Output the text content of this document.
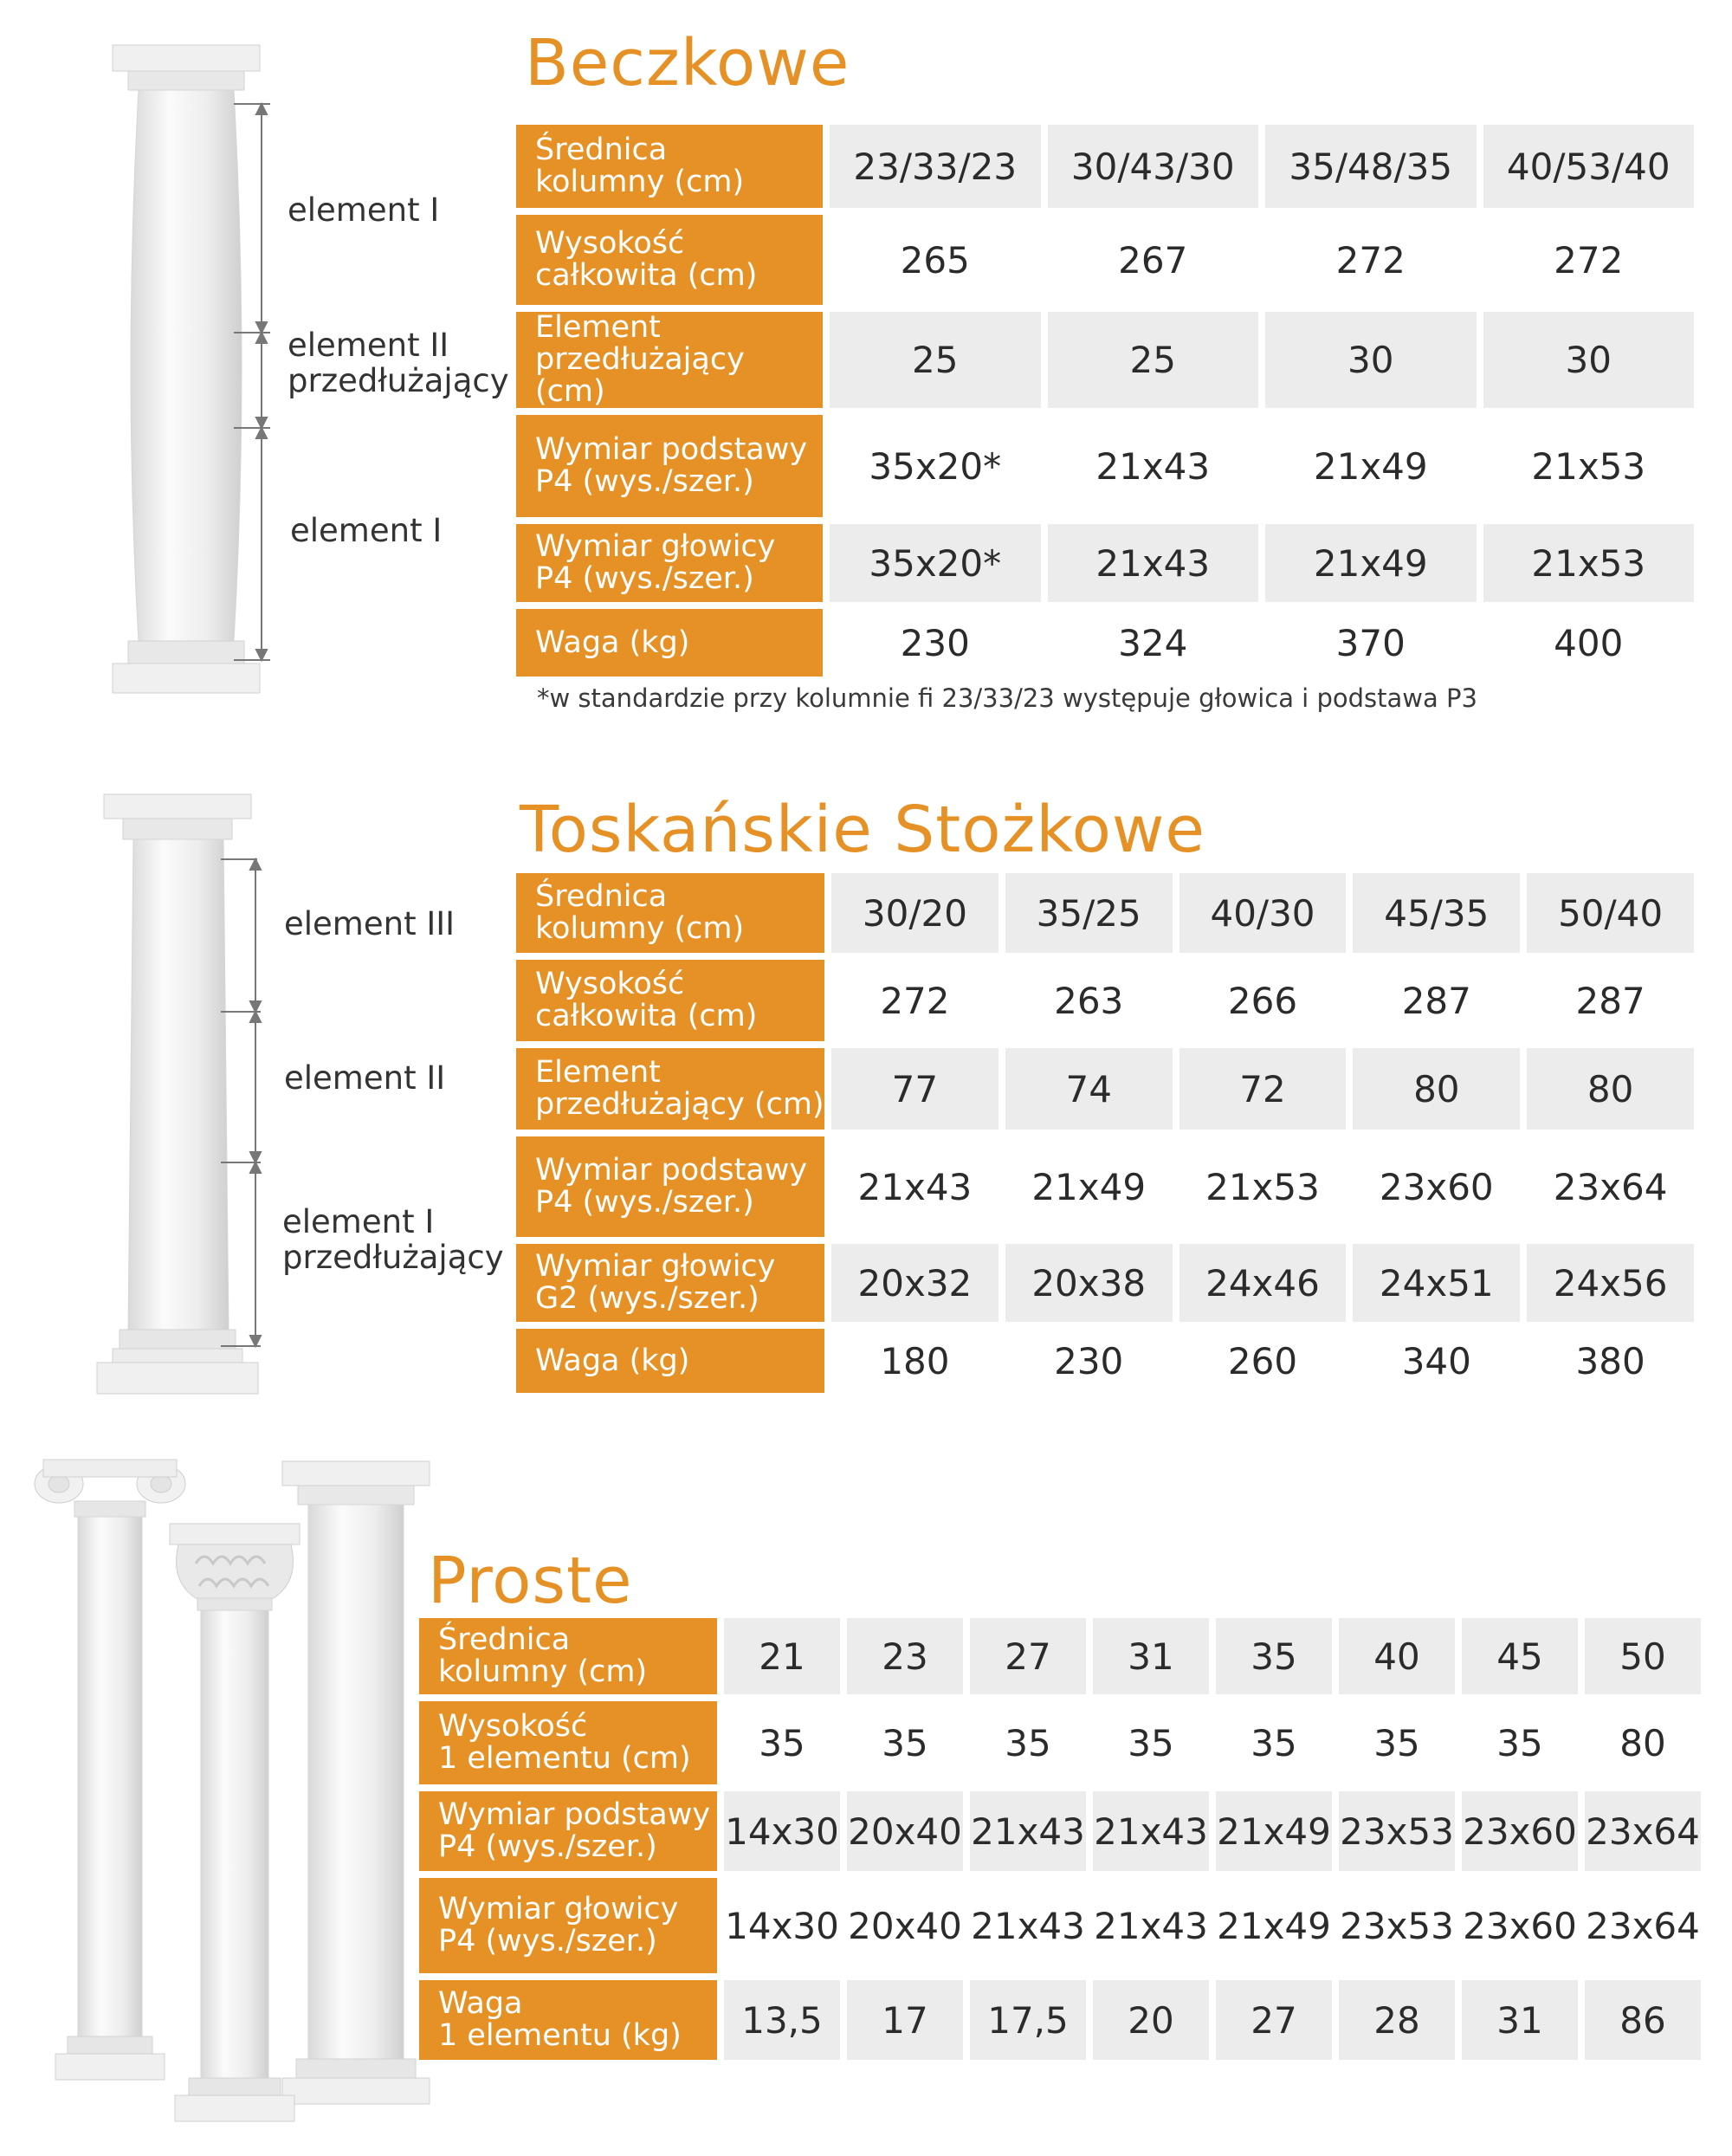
element I
element II
przedłużający
element I
Beczkowe
Średnica
kolumny (cm)	23/33/23	30/43/30	35/48/35	40/53/40
Wysokość
całkowita (cm)	265	267	272	272
Element
przedłużający (cm)	25	25	30	30
Wymiar podstawy
P4 (wys./szer.)	35x20*	21x43	21x49	21x53
Wymiar głowicy
P4 (wys./szer.)	35x20*	21x43	21x49	21x53
Waga (kg)	230	324	370	400
*w standardzie przy kolumnie fi 23/33/23 występuje głowica i podstawa P3
element III
element II
element I
przedłużający
Toskańskie Stożkowe
Średnica
kolumny (cm)	30/20	35/25	40/30	45/35	50/40
Wysokość
całkowita (cm)	272	263	266	287	287
Element
przedłużający (cm)	77	74	72	80	80
Wymiar podstawy
P4 (wys./szer.)	21x43	21x49	21x53	23x60	23x64
Wymiar głowicy
G2 (wys./szer.)	20x32	20x38	24x46	24x51	24x56
Waga (kg)	180	230	260	340	380
Proste
Średnica
kolumny (cm)	21	23	27	31	35	40	45	50
Wysokość
1 elementu (cm)	35	35	35	35	35	35	35	80
Wymiar podstawy
P4 (wys./szer.)	14x30	20x40	21x43	21x43	21x49	23x53	23x60	23x64
Wymiar głowicy
P4 (wys./szer.)	14x30	20x40	21x43	21x43	21x49	23x53	23x60	23x64
Waga
1 elementu (kg)	13,5	17	17,5	20	27	28	31	86
